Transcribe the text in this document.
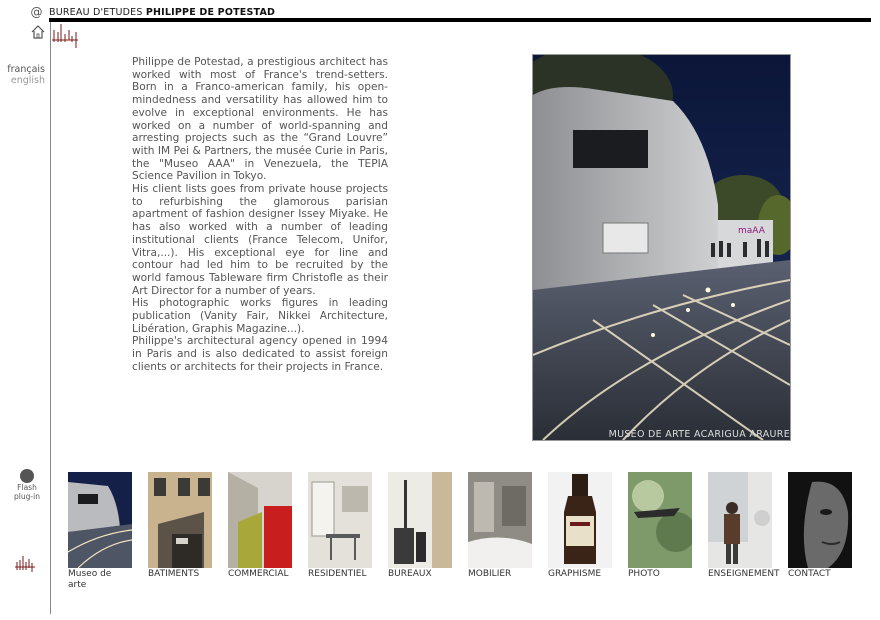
@ BUREAU D'ETUDES PHILIPPE DE POTESTAD
français
english

Philippe de Potestad, a prestigious architect has worked with most of France's trend-setters. Born in a Franco-american family, his open-mindedness and versatility has allowed him to evolve in exceptional environments. He has worked on a number of world-spanning and arresting projects such as the “Grand Louvre” with IM Pei & Partners, the musée Curie in Paris, the "Museo AAA" in Venezuela, the TEPIA Science Pavilion in Tokyo.

His client lists goes from private house projects to refurbishing the glamorous parisian apartment of fashion designer Issey Miyake. He has also worked with a number of leading institutional clients (France Telecom, Unifor, Vitra,...). His exceptional eye for line and contour had led him to be recruited by the world famous Tableware firm Christofle as their Art Director for a number of years.

His photographic works figures in leading publication (Vanity Fair, Nikkei Architecture, Libération, Graphis Magazine...).

Philippe's architectural agency opened in 1994 in Paris and is also dedicated to assist foreign clients or architects for their projects in France.

maAA
MUSEO DE ARTE ACARIGUA ARAURE
Flash plug-in
Museo de arte
BATIMENTS	COMMERCIAL	RESIDENTIEL	BUREAUX	MOBILIER	GRAPHISME	PHOTO	ENSEIGNEMENT CONTACT
